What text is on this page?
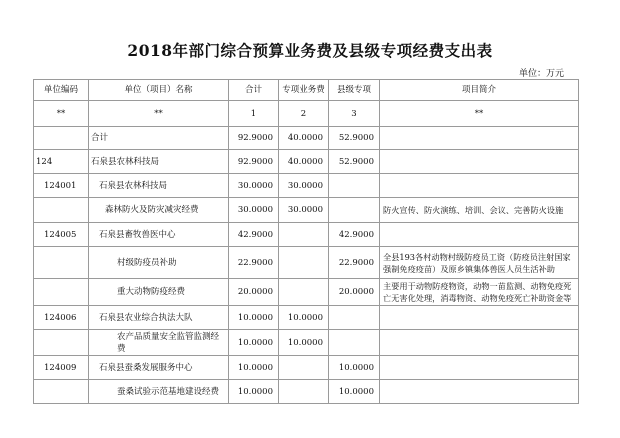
2018年部门综合预算业务费及县级专项经费支出表
单位：万元
单位编码	单位（项目）名称	合计	专项业务费	县级专项	项目简介
**	**	1	2	3	**
	合计	92.9000	40.0000	52.9000	
124	石泉县农林科技局	92.9000	40.0000	52.9000	
124001	石泉县农林科技局	30.0000	30.0000		
	森林防火及防灾减灾经费	30.0000	30.0000		防火宣传、防火演练、培训、会议、完善防火设施
124005	石泉县畜牧兽医中心	42.9000		42.9000	
	村级防疫员补助	22.9000		22.9000	全县193各村动物村级防疫员工资（防疫员注射国家强制免疫疫苗）及原乡镇集体兽医人员生活补助
	重大动物防疫经费	20.0000		20.0000	主要用于动物防疫物资，动物一苗监测、动物免疫死亡无害化处理，消毒物资、动物免疫死亡补助资金等
124006	石泉县农业综合执法大队	10.0000	10.0000		
	农产品质量安全监管监测经费	10.0000	10.0000		
124009	石泉县蚕桑发展服务中心	10.0000		10.0000	
	蚕桑试验示范基地建设经费	10.0000		10.0000	
